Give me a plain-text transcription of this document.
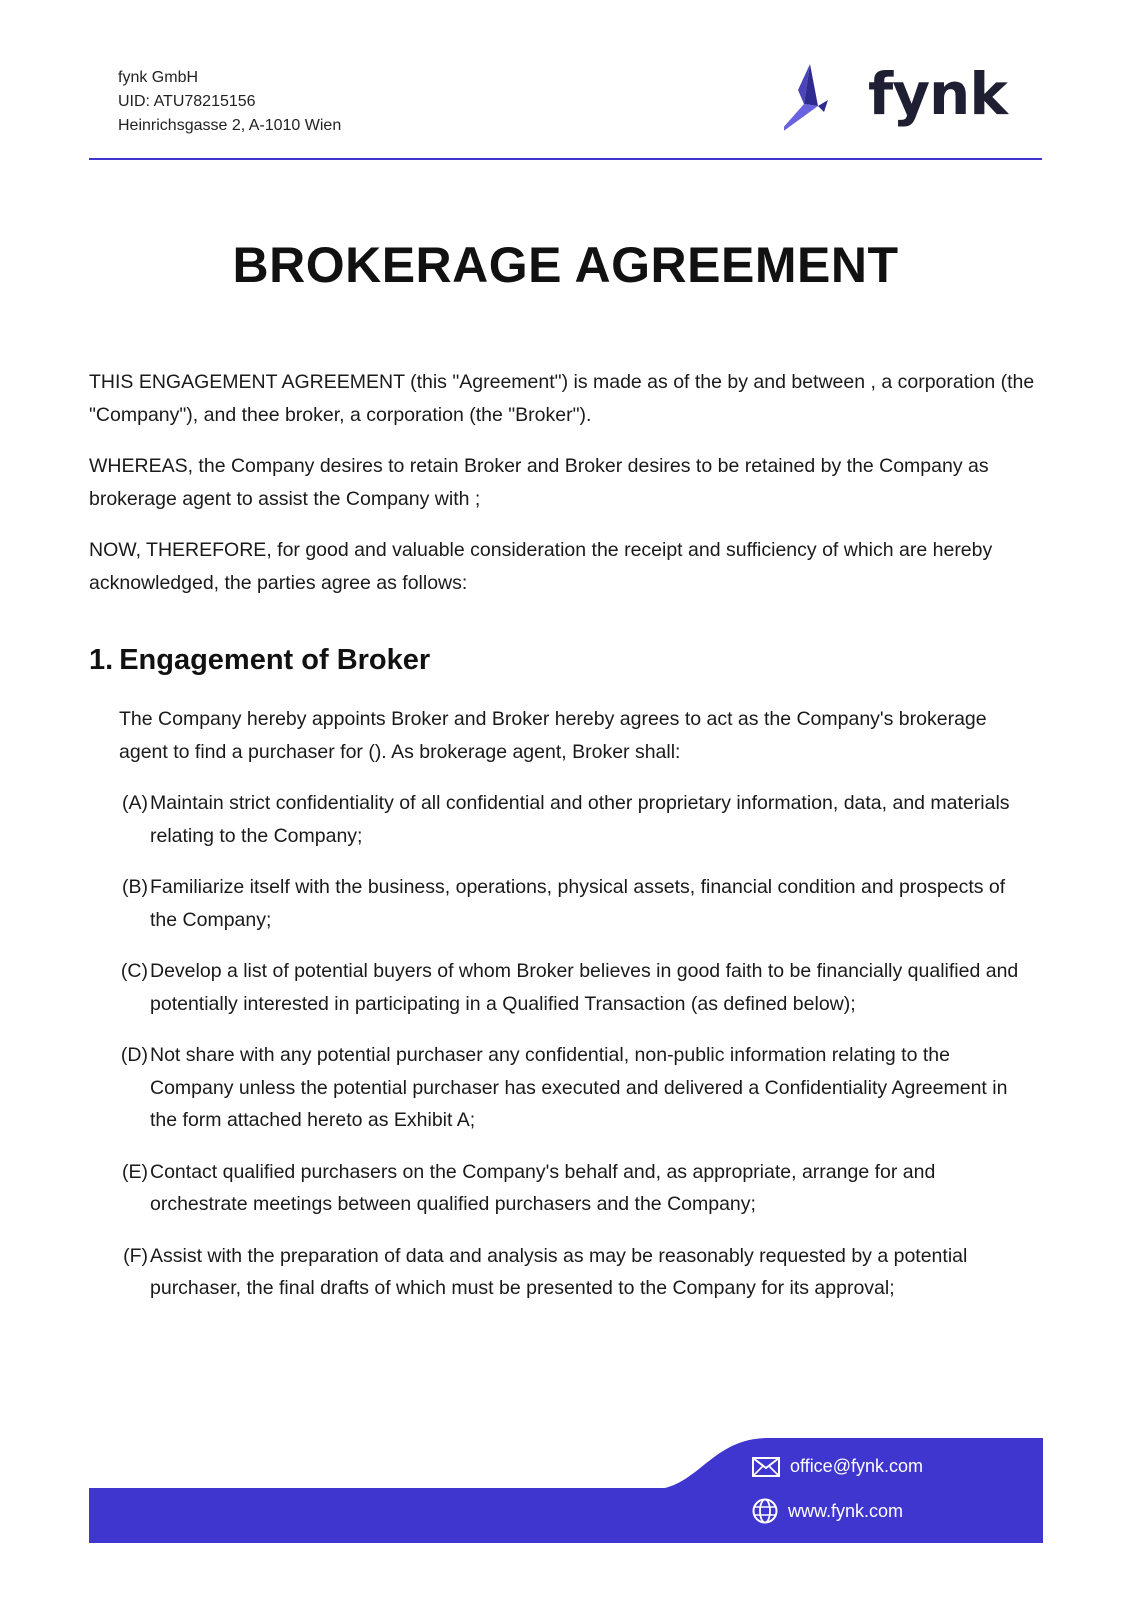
fynk GmbH
UID: ATU78215156
Heinrichsgasse 2, A-1010 Wien	fynk
BROKERAGE AGREEMENT
THIS ENGAGEMENT AGREEMENT (this "Agreement") is made as of the by and between , a corporation (the "Company"), and thee broker, a corporation (the "Broker").
WHEREAS, the Company desires to retain Broker and Broker desires to be retained by the Company as brokerage agent to assist the Company with ;
NOW, THEREFORE, for good and valuable consideration the receipt and sufficiency of which are hereby acknowledged, the parties agree as follows:
1. Engagement of Broker
The Company hereby appoints Broker and Broker hereby agrees to act as the Company's brokerage agent to find a purchaser for (). As brokerage agent, Broker shall:
(A) Maintain strict confidentiality of all confidential and other proprietary information, data, and materials relating to the Company;
(B) Familiarize itself with the business, operations, physical assets, financial condition and prospects of the Company;
(C) Develop a list of potential buyers of whom Broker believes in good faith to be financially qualified and potentially interested in participating in a Qualified Transaction (as defined below);
(D) Not share with any potential purchaser any confidential, non-public information relating to the Company unless the potential purchaser has executed and delivered a Confidentiality Agreement in the form attached hereto as Exhibit A;
(E) Contact qualified purchasers on the Company's behalf and, as appropriate, arrange for and orchestrate meetings between qualified purchasers and the Company;
(F) Assist with the preparation of data and analysis as may be reasonably requested by a potential purchaser, the final drafts of which must be presented to the Company for its approval;
office@fynk.com
www.fynk.com
